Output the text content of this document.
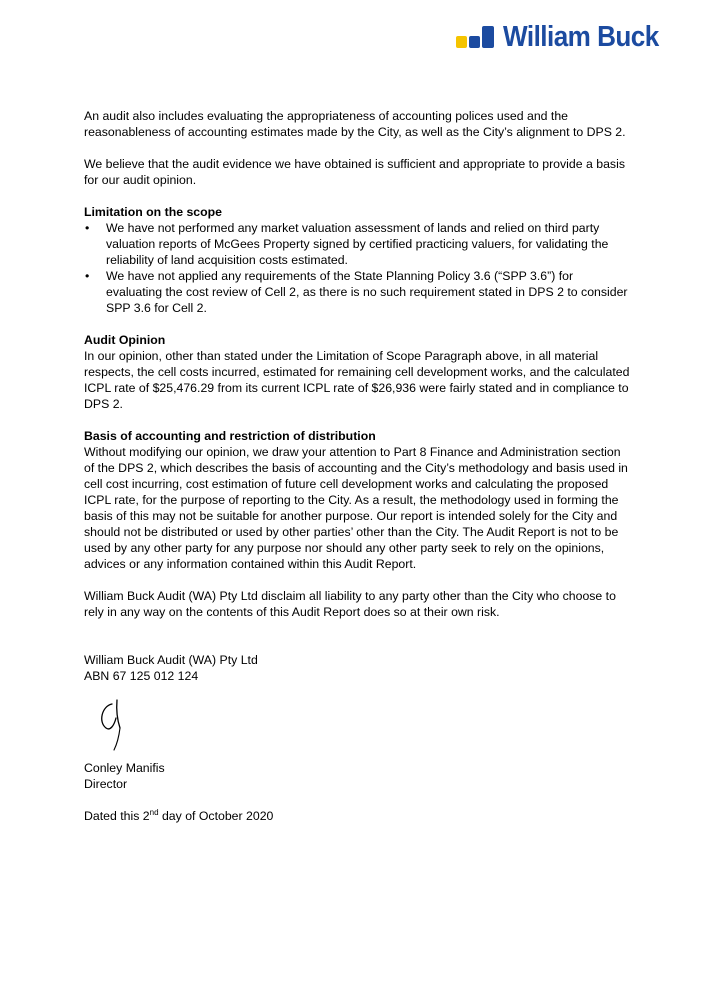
William Buck

An audit also includes evaluating the appropriateness of accounting polices used and the reasonableness of accounting estimates made by the City, as well as the City’s alignment to DPS 2.

We believe that the audit evidence we have obtained is sufficient and appropriate to provide a basis for our audit opinion.

Limitation on the scope

• We have not performed any market valuation assessment of lands and relied on third party valuation reports of McGees Property signed by certified practicing valuers, for validating the reliability of land acquisition costs estimated.
• We have not applied any requirements of the State Planning Policy 3.6 (“SPP 3.6”) for evaluating the cost review of Cell 2, as there is no such requirement stated in DPS 2 to consider SPP 3.6 for Cell 2.

Audit Opinion

In our opinion, other than stated under the Limitation of Scope Paragraph above, in all material respects, the cell costs incurred, estimated for remaining cell development works, and the calculated ICPL rate of $25,476.29 from its current ICPL rate of $26,936 were fairly stated and in compliance to DPS 2.

Basis of accounting and restriction of distribution

Without modifying our opinion, we draw your attention to Part 8 Finance and Administration section of the DPS 2, which describes the basis of accounting and the City’s methodology and basis used in cell cost incurring, cost estimation of future cell development works and calculating the proposed ICPL rate, for the purpose of reporting to the City. As a result, the methodology used in forming the basis of this may not be suitable for another purpose. Our report is intended solely for the City and should not be distributed or used by other parties’ other than the City. The Audit Report is not to be used by any other party for any purpose nor should any other party seek to rely on the opinions, advices or any information contained within this Audit Report.

William Buck Audit (WA) Pty Ltd disclaim all liability to any party other than the City who choose to rely in any way on the contents of this Audit Report does so at their own risk.

William Buck Audit (WA) Pty Ltd

ABN 67 125 012 124

Conley Manifis

Director

Dated this 2nd day of October 2020
